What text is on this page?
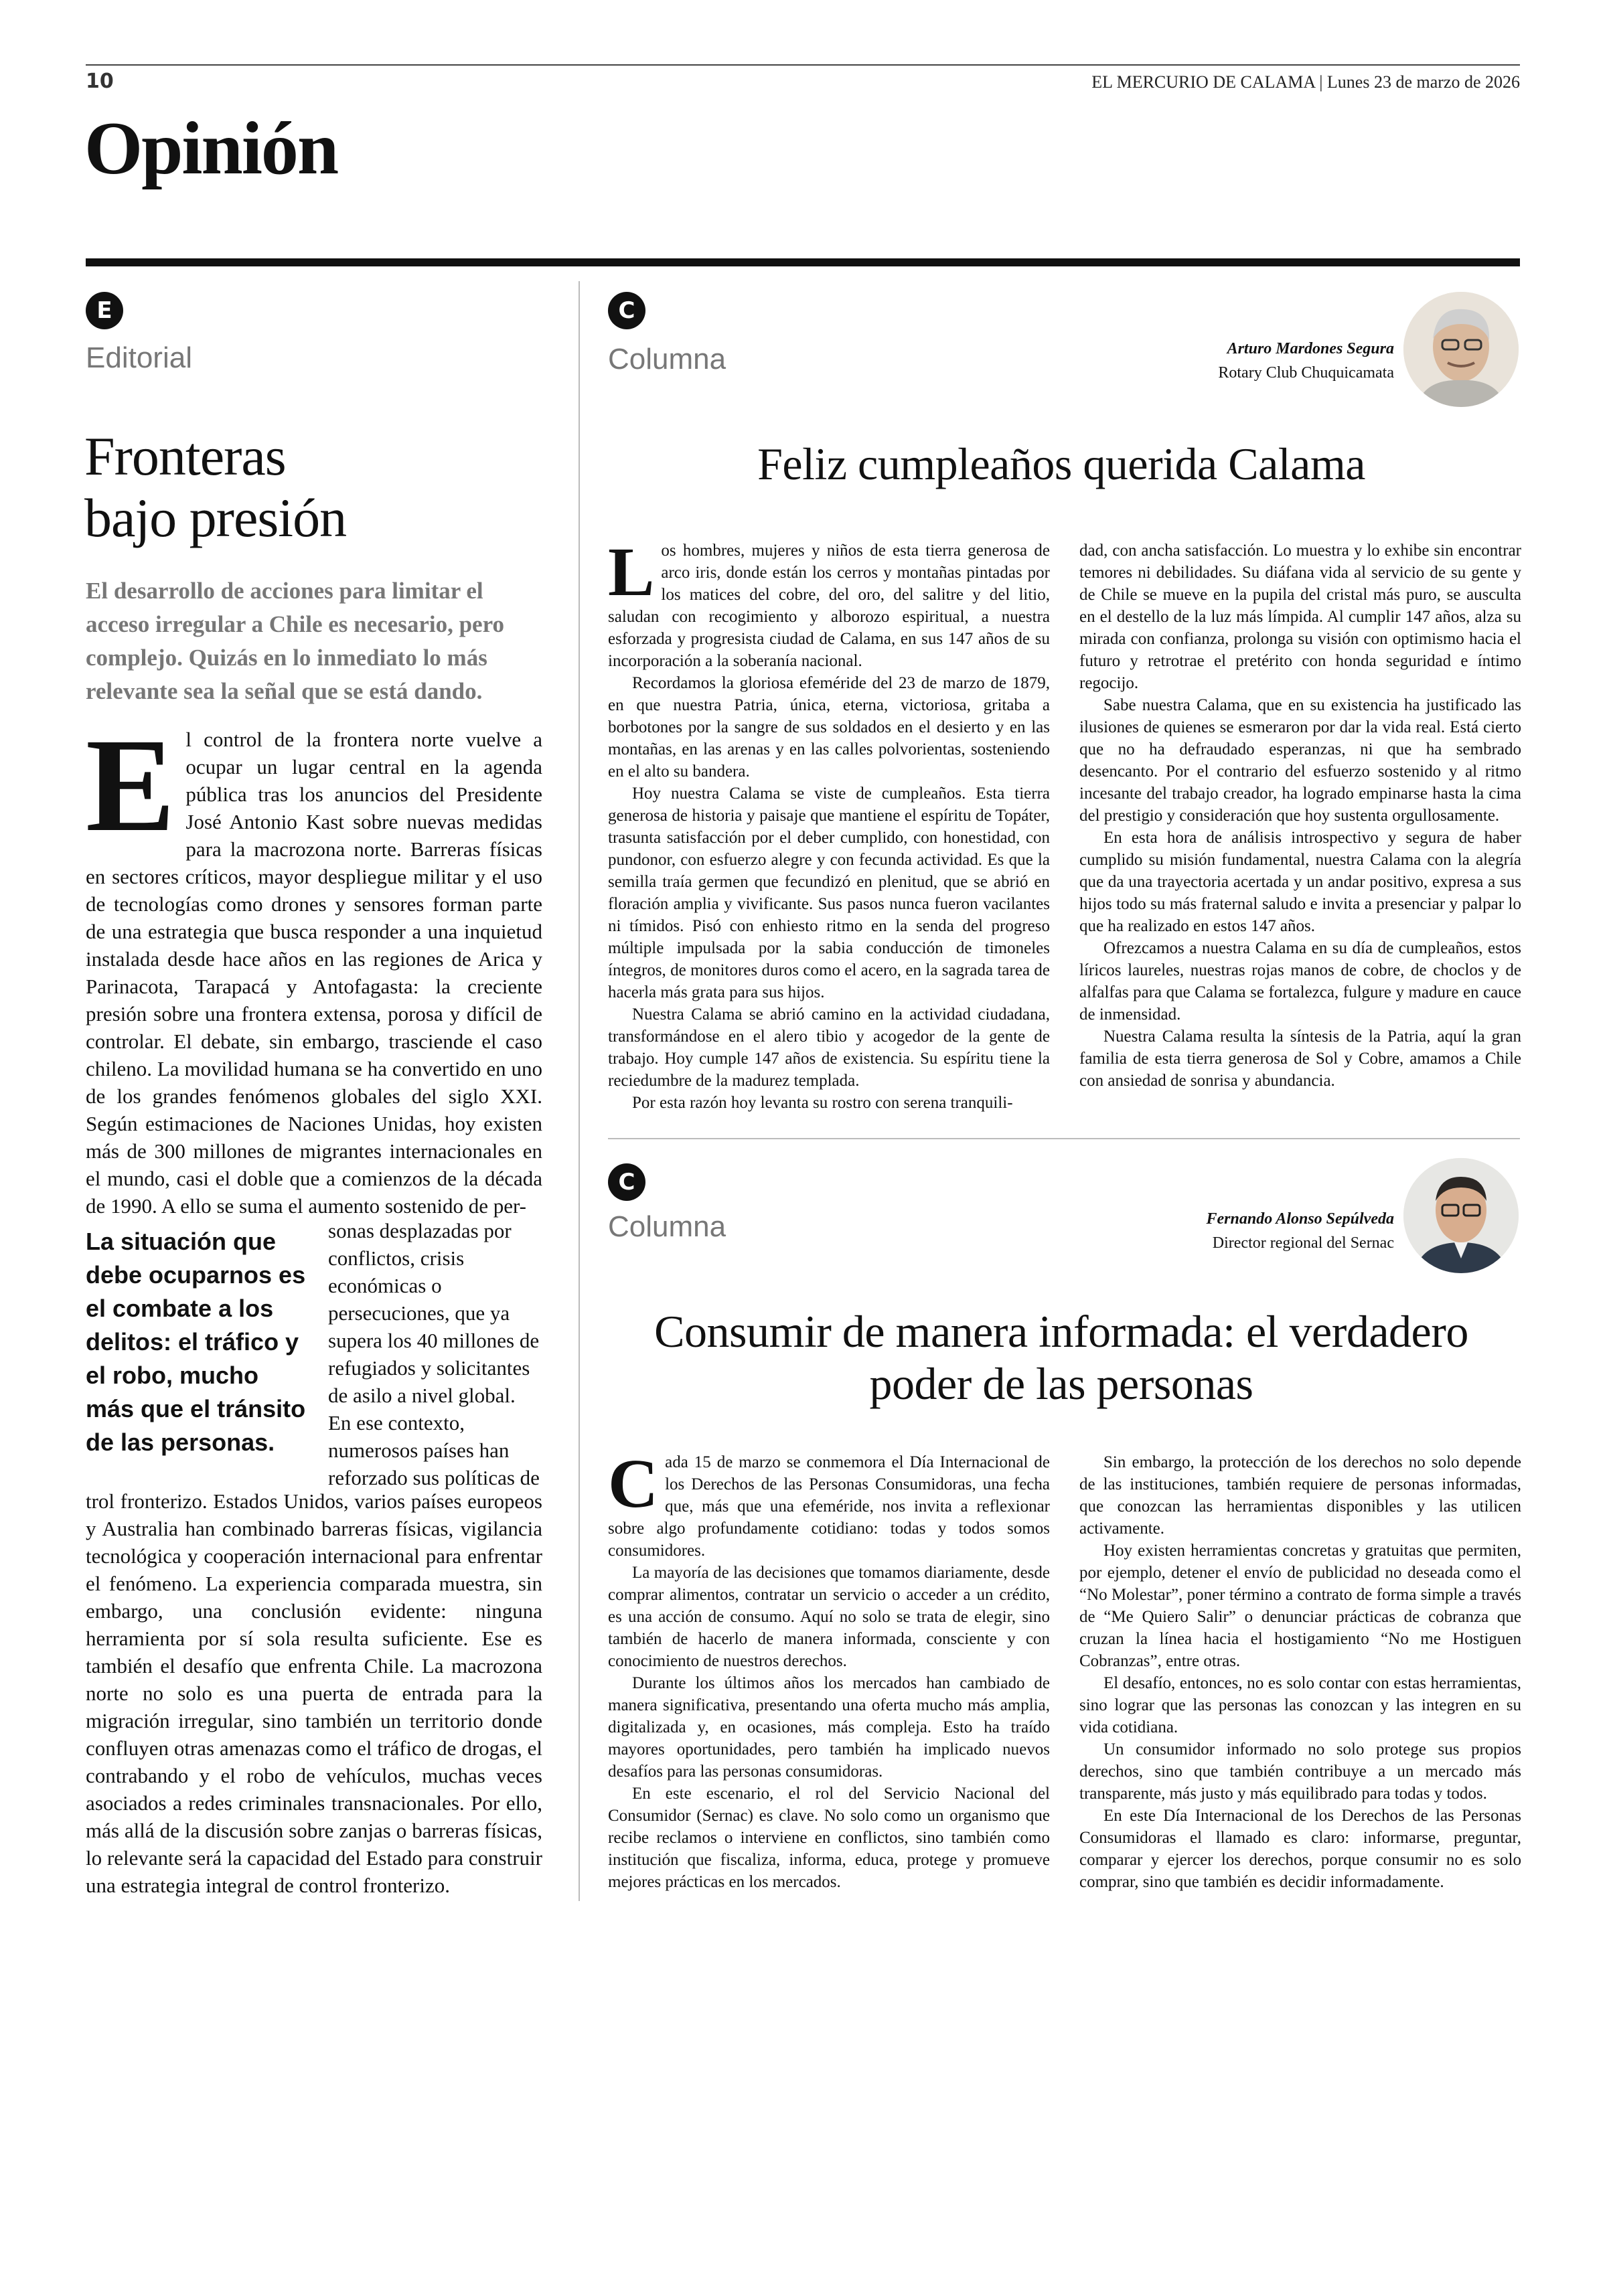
10	EL MERCURIO DE CALAMA | Lunes 23 de marzo de 2026
Opinión
E
Editorial
Fronteras
bajo presión
El desarrollo de acciones para limitar el acceso irregular a Chile es necesario, pero complejo. Quizás en lo inmediato lo más relevante sea la señal que se está dando.
El control de la frontera norte vuelve a ocupar un lugar central en la agenda pública tras los anuncios del Presidente José Antonio Kast sobre nuevas medidas para la macrozona norte. Barreras físicas en sectores críticos, mayor despliegue militar y el uso de tecnologías como drones y sensores forman parte de una estrategia que busca responder a una inquietud instalada desde hace años en las regiones de Arica y Parinacota, Tarapacá y Antofagasta: la creciente presión sobre una frontera extensa, porosa y difícil de controlar. El debate, sin embargo, trasciende el caso chileno. La movilidad humana se ha convertido en uno de los grandes fenómenos globales del siglo XXI. Según estimaciones de Naciones Unidas, hoy existen más de 300 millones de migrantes internacionales en el mundo, casi el doble que a comienzos de la década de 1990. A ello se suma el aumento sostenido de per-
La situación que debe ocuparnos es el combate a los delitos: el tráfico y el robo, mucho más que el tránsito de las personas.
sonas desplazadas por conflictos, crisis económicas o persecuciones, que ya supera los 40 millones de refugiados y solicitantes de asilo a nivel global. En ese contexto, numerosos países han reforzado sus políticas de
trol fronterizo. Estados Unidos, varios países europeos y Australia han combinado barreras físicas, vigilancia tecnológica y cooperación internacional para enfrentar el fenómeno. La experiencia comparada muestra, sin embargo, una conclusión evidente: ninguna herramienta por sí sola resulta suficiente. Ese es también el desafío que enfrenta Chile. La macrozona norte no solo es una puerta de entrada para la migración irregular, sino también un territorio donde confluyen otras amenazas como el tráfico de drogas, el contrabando y el robo de vehículos, muchas veces asociados a redes criminales transnacionales. Por ello, más allá de la discusión sobre zanjas o barreras físicas, lo relevante será la capacidad del Estado para construir una estrategia integral de control fronterizo.
C
Columna	Arturo Mardones Segura
Rotary Club Chuquicamata
Feliz cumpleaños querida Calama

Los hombres, mujeres y niños de esta tierra generosa de arco iris, donde están los cerros y montañas pintadas por los matices del cobre, del oro, del salitre y del litio, saludan con recogimiento y alborozo espiritual, a nuestra esforzada y progresista ciudad de Calama, en sus 147 años de su incorporación a la soberanía nacional.

Recordamos la gloriosa efeméride del 23 de marzo de 1879, en que nuestra Patria, única, eterna, victoriosa, gritaba a borbotones por la sangre de sus soldados en el desierto y en las montañas, en las arenas y en las calles polvorientas, sosteniendo en el alto su bandera.

Hoy nuestra Calama se viste de cumpleaños. Esta tierra generosa de historia y paisaje que mantiene el espíritu de Topáter, trasunta satisfacción por el deber cumplido, con honestidad, con pundonor, con esfuerzo alegre y con fecunda actividad. Es que la semilla traía germen que fecundizó en plenitud, que se abrió en floración amplia y vivificante. Sus pasos nunca fueron vacilantes ni tímidos. Pisó con enhiesto ritmo en la senda del progreso múltiple impulsada por la sabia conducción de timoneles íntegros, de monitores duros como el acero, en la sagrada tarea de hacerla más grata para sus hijos.

Nuestra Calama se abrió camino en la actividad ciudadana, transformándose en el alero tibio y acogedor de la gente de trabajo. Hoy cumple 147 años de existencia. Su espíritu tiene la reciedumbre de la madurez templada.

Por esta razón hoy levanta su rostro con serena tranquili-

dad, con ancha satisfacción. Lo muestra y lo exhibe sin encontrar temores ni debilidades. Su diáfana vida al servicio de su gente y de Chile se mueve en la pupila del cristal más puro, se ausculta en el destello de la luz más límpida. Al cumplir 147 años, alza su mirada con confianza, prolonga su visión con optimismo hacia el futuro y retrotrae el pretérito con honda seguridad e íntimo regocijo.

Sabe nuestra Calama, que en su existencia ha justificado las ilusiones de quienes se esmeraron por dar la vida real. Está cierto que no ha defraudado esperanzas, ni que ha sembrado desencanto. Por el contrario del esfuerzo sostenido y al ritmo incesante del trabajo creador, ha logrado empinarse hasta la cima del prestigio y consideración que hoy sustenta orgullosamente.

En esta hora de análisis introspectivo y segura de haber cumplido su misión fundamental, nuestra Calama con la alegría que da una trayectoria acertada y un andar positivo, expresa a sus hijos todo su más fraternal saludo e invita a presenciar y palpar lo que ha realizado en estos 147 años.

Ofrezcamos a nuestra Calama en su día de cumpleaños, estos líricos laureles, nuestras rojas manos de cobre, de choclos y de alfalfas para que Calama se fortalezca, fulgure y madure en cauce de inmensidad.

Nuestra Calama resulta la síntesis de la Patria, aquí la gran familia de esta tierra generosa de Sol y Cobre, amamos a Chile con ansiedad de sonrisa y abundancia.

C
Columna	Fernando Alonso Sepúlveda
Director regional del Sernac
Consumir de manera informada: el verdadero
poder de las personas

Cada 15 de marzo se conmemora el Día Internacional de los Derechos de las Personas Consumidoras, una fecha que, más que una efeméride, nos invita a reflexionar sobre algo profundamente cotidiano: todas y todos somos consumidores.

La mayoría de las decisiones que tomamos diariamente, desde comprar alimentos, contratar un servicio o acceder a un crédito, es una acción de consumo. Aquí no solo se trata de elegir, sino también de hacerlo de manera informada, consciente y con conocimiento de nuestros derechos.

Durante los últimos años los mercados han cambiado de manera significativa, presentando una oferta mucho más amplia, digitalizada y, en ocasiones, más compleja. Esto ha traído mayores oportunidades, pero también ha implicado nuevos desafíos para las personas consumidoras.

En este escenario, el rol del Servicio Nacional del Consumidor (Sernac) es clave. No solo como un organismo que recibe reclamos o interviene en conflictos, sino también como institución que fiscaliza, informa, educa, protege y promueve mejores prácticas en los mercados.

Sin embargo, la protección de los derechos no solo depende de las instituciones, también requiere de personas informadas, que conozcan las herramientas disponibles y las utilicen activamente.

Hoy existen herramientas concretas y gratuitas que permiten, por ejemplo, detener el envío de publicidad no deseada como el “No Molestar”, poner término a contrato de forma simple a través de “Me Quiero Salir” o denunciar prácticas de cobranza que cruzan la línea hacia el hostigamiento “No me Hostiguen Cobranzas”, entre otras.

El desafío, entonces, no es solo contar con estas herramientas, sino lograr que las personas las conozcan y las integren en su vida cotidiana.

Un consumidor informado no solo protege sus propios derechos, sino que también contribuye a un mercado más transparente, más justo y más equilibrado para todas y todos.

En este Día Internacional de los Derechos de las Personas Consumidoras el llamado es claro: informarse, preguntar, comparar y ejercer los derechos, porque consumir no es solo comprar, sino que también es decidir informadamente.
